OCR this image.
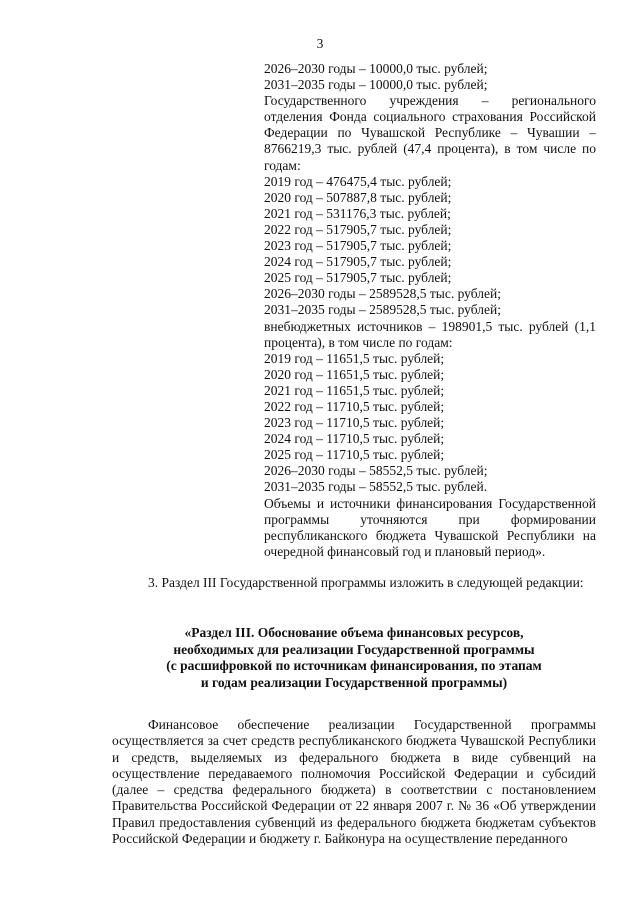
3
2026–2030 годы – 10000,0 тыс. рублей;
2031–2035 годы – 10000,0 тыс. рублей;
Государственного учреждения – регионального отделения Фонда социального страхования Российской Федерации по Чувашской Республике – Чувашии – 8766219,3 тыс. рублей (47,4 процента), в том числе по годам:
2019 год – 476475,4 тыс. рублей;
2020 год – 507887,8 тыс. рублей;
2021 год – 531176,3 тыс. рублей;
2022 год – 517905,7 тыс. рублей;
2023 год – 517905,7 тыс. рублей;
2024 год – 517905,7 тыс. рублей;
2025 год – 517905,7 тыс. рублей;
2026–2030 годы – 2589528,5 тыс. рублей;
2031–2035 годы – 2589528,5 тыс. рублей;
внебюджетных источников – 198901,5 тыс. рублей (1,1 процента), в том числе по годам:
2019 год – 11651,5 тыс. рублей;
2020 год – 11651,5 тыс. рублей;
2021 год – 11651,5 тыс. рублей;
2022 год – 11710,5 тыс. рублей;
2023 год – 11710,5 тыс. рублей;
2024 год – 11710,5 тыс. рублей;
2025 год – 11710,5 тыс. рублей;
2026–2030 годы – 58552,5 тыс. рублей;
2031–2035 годы – 58552,5 тыс. рублей.
Объемы и источники финансирования Государственной программы уточняются при формировании республиканского бюджета Чувашской Республики на очередной финансовый год и плановый период».
3. Раздел III Государственной программы изложить в следующей редакции:
«Раздел III. Обоснование объема финансовых ресурсов,
необходимых для реализации Государственной программы
(с расшифровкой по источникам финансирования, по этапам
и годам реализации Государственной программы)
Финансовое обеспечение реализации Государственной программы осуществляется за счет средств республиканского бюджета Чувашской Республики и средств, выделяемых из федерального бюджета в виде субвенций на осуществление передаваемого полномочия Российской Федерации и субсидий (далее – средства федерального бюджета) в соответствии с постановлением Правительства Российской Федерации от 22 января 2007 г. № 36 «Об утверждении Правил предоставления субвенций из федерального бюджета бюджетам субъектов Российской Федерации и бюджету г. Байконура на осуществление переданного
